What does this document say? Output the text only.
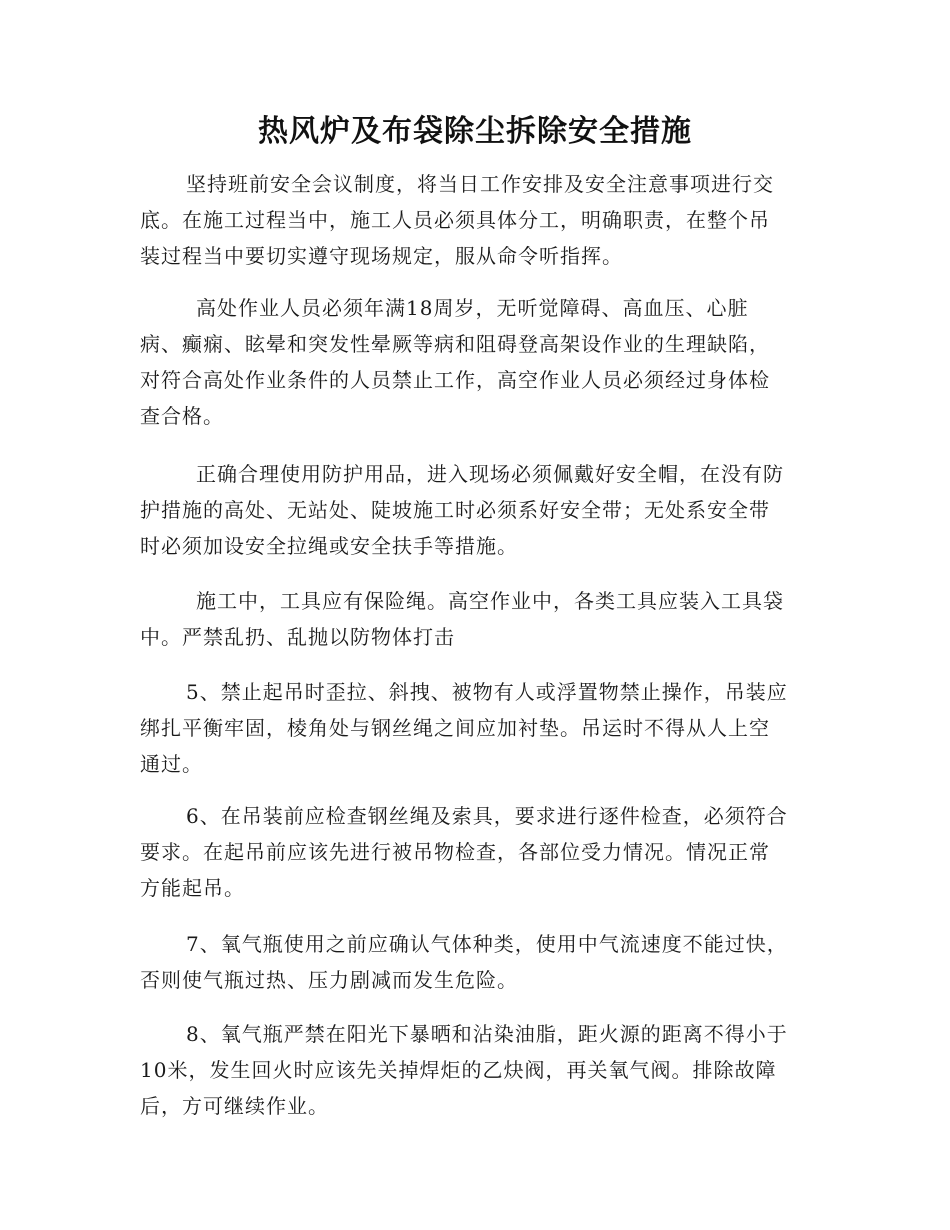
热风炉及布袋除尘拆除安全措施
坚持班前安全会议制度，将当日工作安排及安全注意事项进行交
底。在施工过程当中，施工人员必须具体分工，明确职责，在整个吊
装过程当中要切实遵守现场规定，服从命令听指挥。
高处作业人员必须年满18周岁，无听觉障碍、高血压、心脏
病、癫痫、眩晕和突发性晕厥等病和阻碍登高架设作业的生理缺陷，
对符合高处作业条件的人员禁止工作，高空作业人员必须经过身体检
查合格。
正确合理使用防护用品，进入现场必须佩戴好安全帽，在没有防
护措施的高处、无站处、陡坡施工时必须系好安全带；无处系安全带
时必须加设安全拉绳或安全扶手等措施。
施工中，工具应有保险绳。高空作业中，各类工具应装入工具袋
中。严禁乱扔、乱抛以防物体打击
5、禁止起吊时歪拉、斜拽、被物有人或浮置物禁止操作，吊装应
绑扎平衡牢固，棱角处与钢丝绳之间应加衬垫。吊运时不得从人上空
通过。
6、在吊装前应检查钢丝绳及索具，要求进行逐件检查，必须符合
要求。在起吊前应该先进行被吊物检查，各部位受力情况。情况正常
方能起吊。
7、氧气瓶使用之前应确认气体种类，使用中气流速度不能过快，
否则使气瓶过热、压力剧减而发生危险。
8、氧气瓶严禁在阳光下暴晒和沾染油脂，距火源的距离不得小于
10米，发生回火时应该先关掉焊炬的乙炔阀，再关氧气阀。排除故障
后，方可继续作业。
